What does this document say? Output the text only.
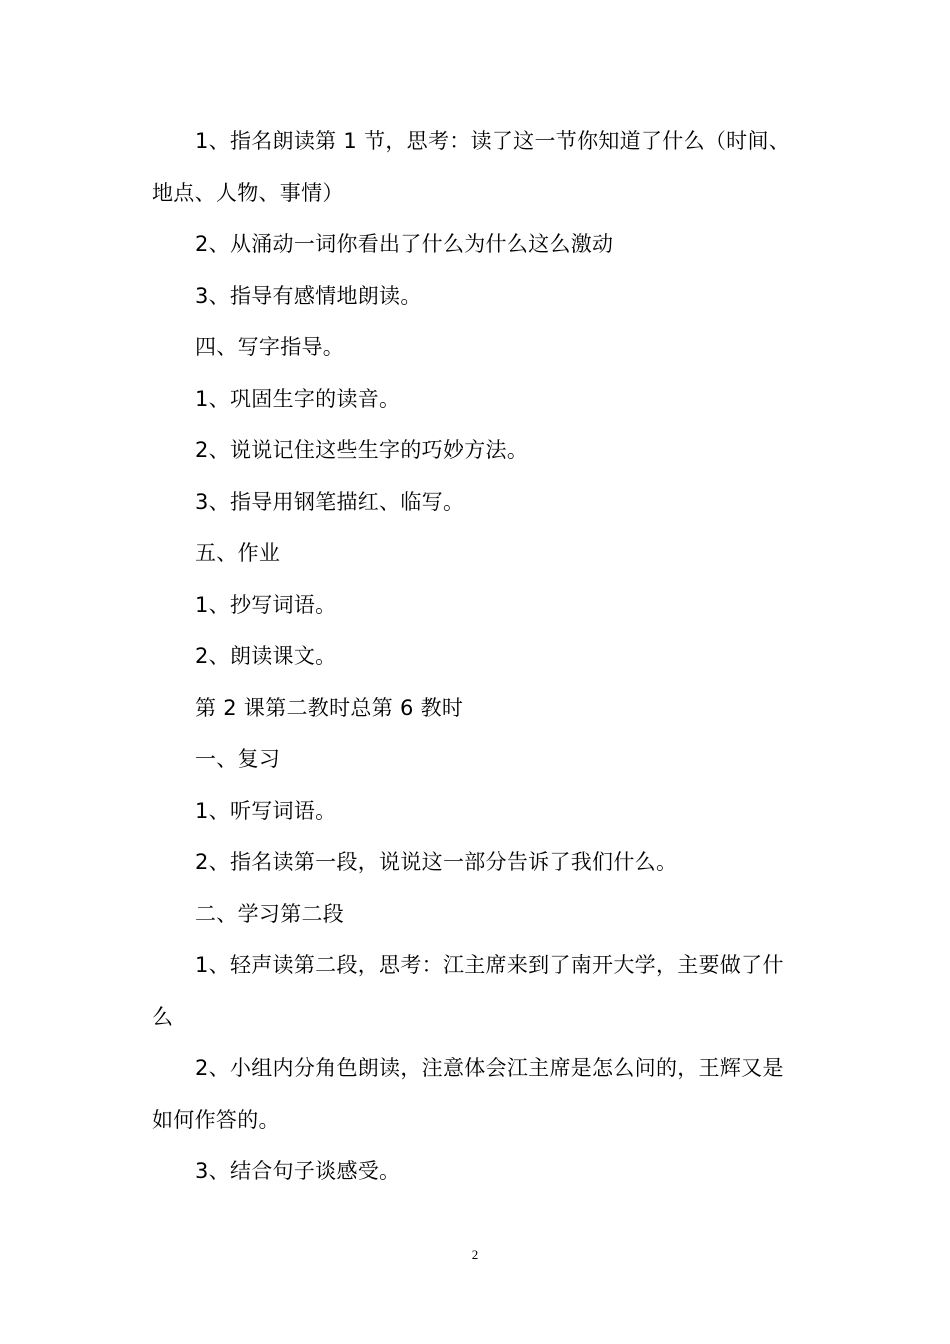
1、指名朗读第 1 节，思考：读了这一节你知道了什么（时间、地点、人物、事情）

2、从涌动一词你看出了什么为什么这么激动

3、指导有感情地朗读。

四、写字指导。

1、巩固生字的读音。

2、说说记住这些生字的巧妙方法。

3、指导用钢笔描红、临写。

五、作业

1、抄写词语。

2、朗读课文。

第 2 课第二教时总第 6 教时

一、复习

1、听写词语。

2、指名读第一段，说说这一部分告诉了我们什么。

二、学习第二段

1、轻声读第二段，思考：江主席来到了南开大学，主要做了什么

2、小组内分角色朗读，注意体会江主席是怎么问的，王辉又是如何作答的。

3、结合句子谈感受。

2
